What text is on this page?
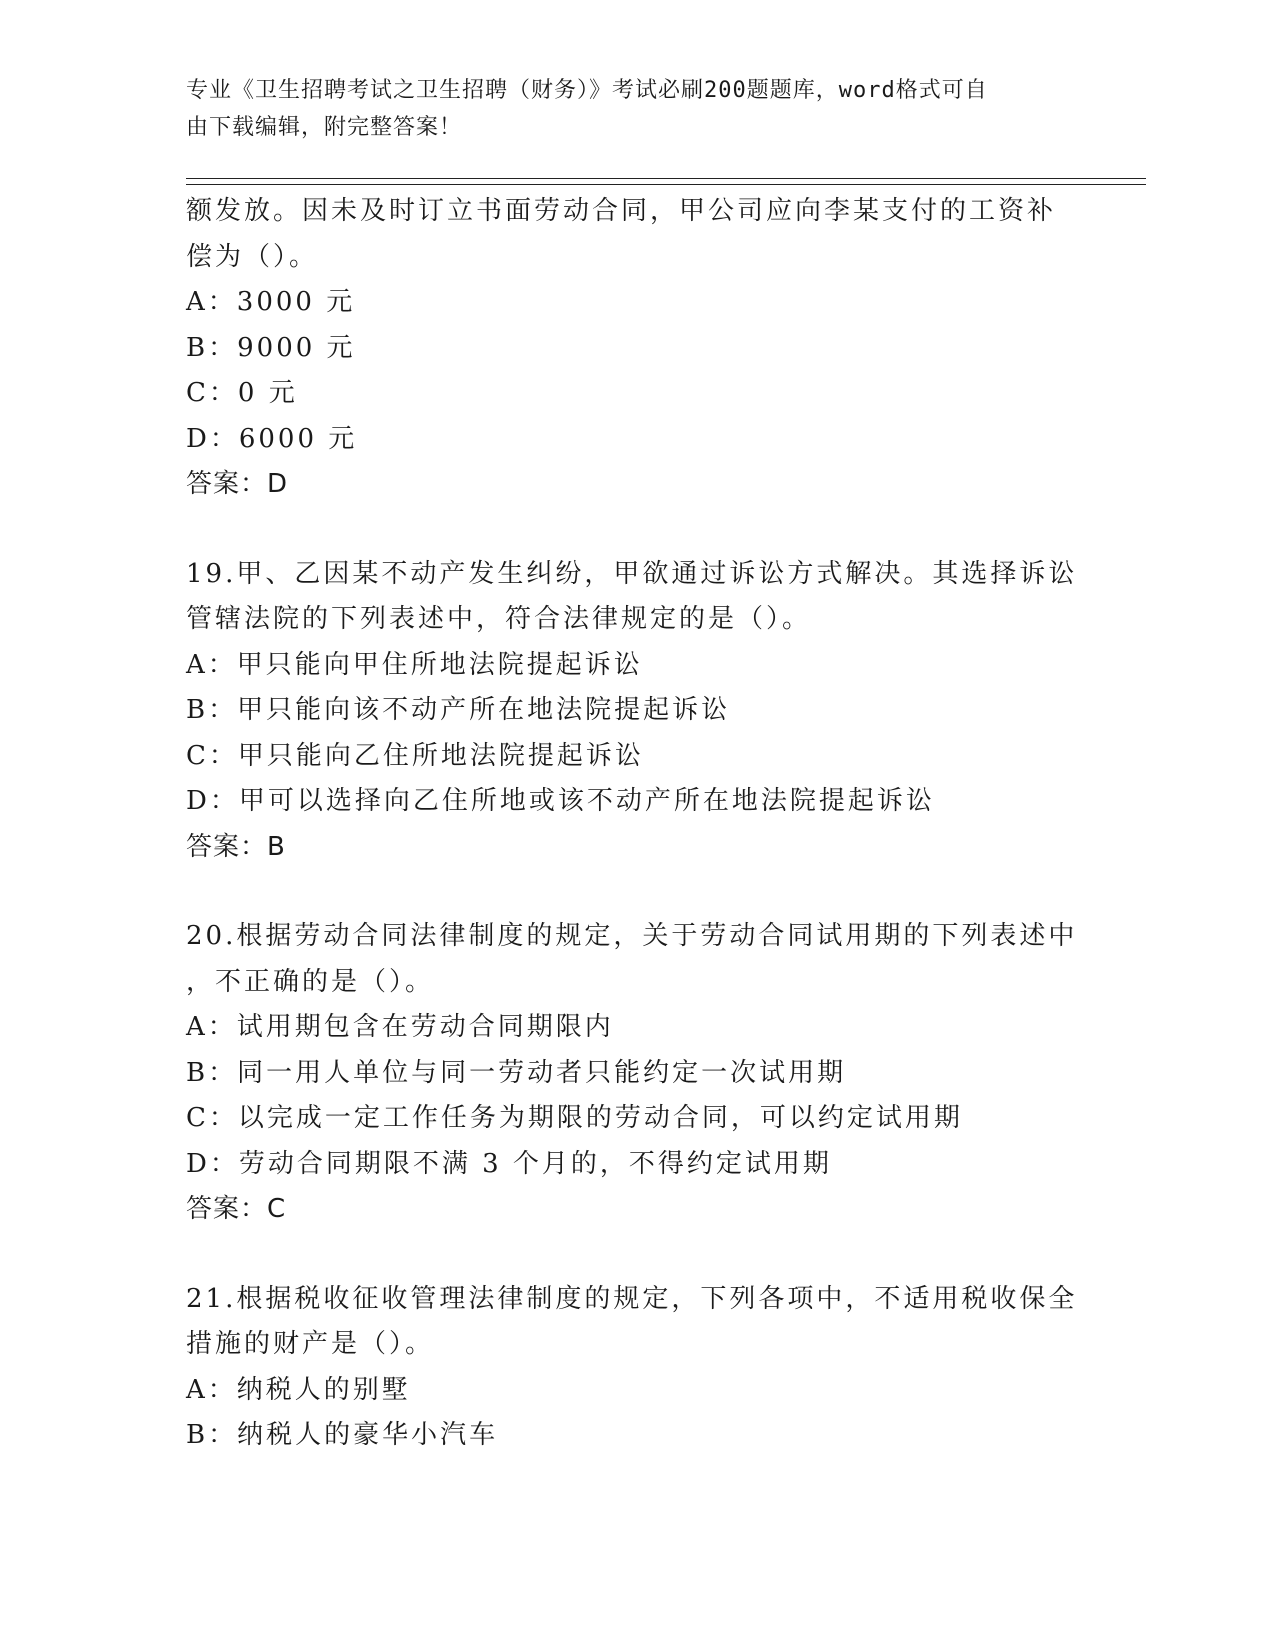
专业《卫生招聘考试之卫生招聘（财务）》考试必刷200题题库，word格式可自
由下载编辑，附完整答案！
额发放。因未及时订立书面劳动合同，甲公司应向李某支付的工资补
偿为（）。
A：3000 元
B：9000 元
C：0 元
D：6000 元
答案：D
19.甲、乙因某不动产发生纠纷，甲欲通过诉讼方式解决。其选择诉讼
管辖法院的下列表述中，符合法律规定的是（）。
A：甲只能向甲住所地法院提起诉讼
B：甲只能向该不动产所在地法院提起诉讼
C：甲只能向乙住所地法院提起诉讼
D：甲可以选择向乙住所地或该不动产所在地法院提起诉讼
答案：B
20.根据劳动合同法律制度的规定，关于劳动合同试用期的下列表述中
，不正确的是（）。
A：试用期包含在劳动合同期限内
B：同一用人单位与同一劳动者只能约定一次试用期
C：以完成一定工作任务为期限的劳动合同，可以约定试用期
D：劳动合同期限不满 3 个月的，不得约定试用期
答案：C
21.根据税收征收管理法律制度的规定，下列各项中，不适用税收保全
措施的财产是（）。
A：纳税人的别墅
B：纳税人的豪华小汽车
